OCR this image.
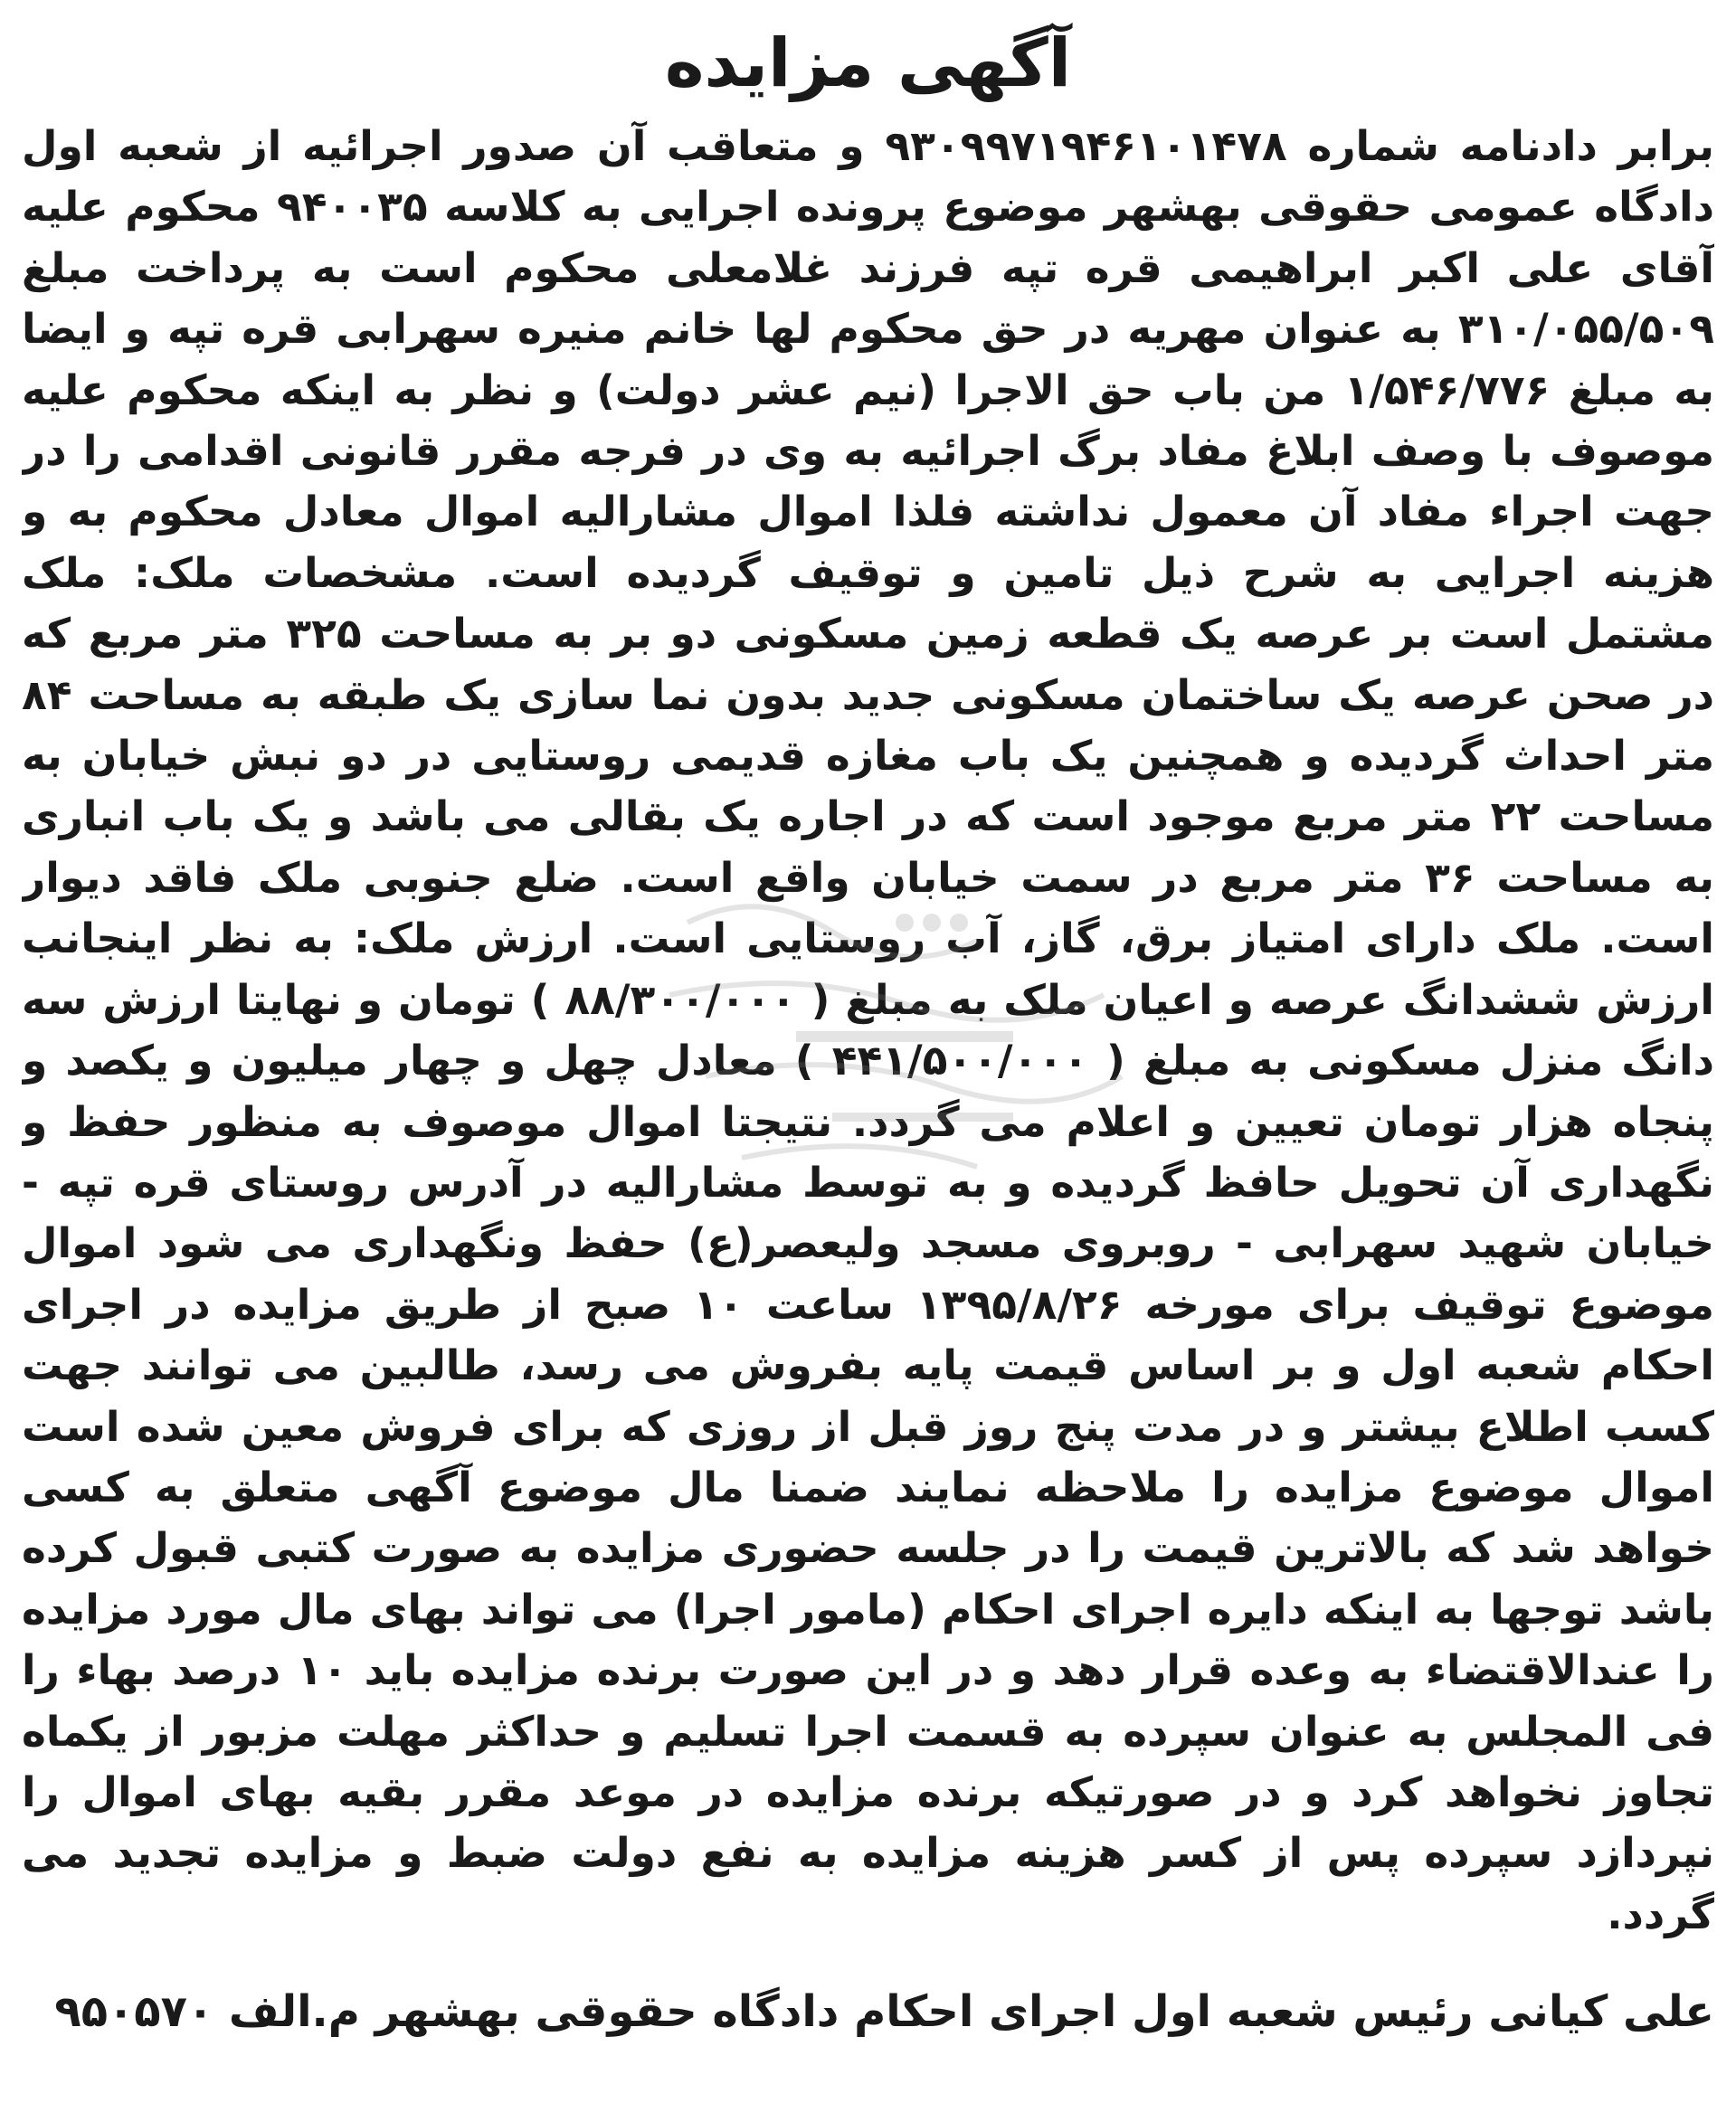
آگهی مزایده

برابر دادنامه شماره ۹۳۰۹۹۷۱۹۴۶۱۰۱۴۷۸ و متعاقب آن صدور اجرائیه از شعبه اول دادگاه عمومی حقوقی بهشهر موضوع پرونده اجرایی به کلاسه ۹۴۰۰۳۵ محکوم علیه آقای علی اکبر ابراهیمی قره تپه فرزند غلامعلی محکوم است به پرداخت مبلغ ۳۱۰/۰۵۵/۵۰۹ به عنوان مهریه در حق محکوم لها خانم منیره سهرابی قره تپه و ایضا به مبلغ ۱/۵۴۶/۷۷۶ من باب حق الاجرا (نیم عشر دولت) و نظر به اینکه محکوم علیه موصوف با وصف ابلاغ مفاد برگ اجرائیه به وی در فرجه مقرر قانونی اقدامی را در جهت اجراء مفاد آن معمول نداشته فلذا اموال مشارالیه اموال معادل محکوم به و هزینه اجرایی به شرح ذیل تامین و توقیف گردیده است. مشخصات ملک: ملک مشتمل است بر عرصه یک قطعه زمین مسکونی دو بر به مساحت ۳۲۵ متر مربع که در صحن عرصه یک ساختمان مسکونی جدید بدون نما سازی یک طبقه به مساحت ۸۴ متر احداث گردیده و همچنین یک باب مغازه قدیمی روستایی در دو نبش خیابان به مساحت ۲۲ متر مربع موجود است که در اجاره یک بقالی می باشد و یک باب انباری به مساحت ۳۶ متر مربع در سمت خیابان واقع است. ضلع جنوبی ملک فاقد دیوار است. ملک دارای امتیاز برق، گاز، آب روستایی است. ارزش ملک: به نظر اینجانب ارزش ششدانگ عرصه و اعیان ملک به مبلغ ( ۸۸/۳۰۰/۰۰۰ ) تومان و نهایتا ارزش سه دانگ منزل مسکونی به مبلغ ( ۴۴۱/۵۰۰/۰۰۰ ) معادل چهل و چهار میلیون و یکصد و پنجاه هزار تومان تعیین و اعلام می گردد. نتیجتا اموال موصوف به منظور حفظ و نگهداری آن تحویل حافظ گردیده و به توسط مشارالیه در آدرس روستای قره تپه - خیابان شهید سهرابی - روبروی مسجد ولیعصر(ع) حفظ ونگهداری می شود اموال موضوع توقیف برای مورخه ۱۳۹۵/۸/۲۶ ساعت ۱۰ صبح از طریق مزایده در اجرای احکام شعبه اول و بر اساس قیمت پایه بفروش می رسد، طالبین می توانند جهت کسب اطلاع بیشتر و در مدت پنج روز قبل از روزی که برای فروش معین شده است اموال موضوع مزایده را ملاحظه نمایند ضمنا مال موضوع آگهی متعلق به کسی خواهد شد که بالاترین قیمت را در جلسه حضوری مزایده به صورت کتبی قبول کرده باشد توجها به اینکه دایره اجرای احکام (مامور اجرا) می تواند بهای مال مورد مزایده را عندالاقتضاء به وعده قرار دهد و در این صورت برنده مزایده باید ۱۰ درصد بهاء را فی المجلس به عنوان سپرده به قسمت اجرا تسلیم و حداکثر مهلت مزبور از یکماه تجاوز نخواهد کرد و در صورتیکه برنده مزایده در موعد مقرر بقیه بهای اموال را نپردازد سپرده پس از کسر هزینه مزایده به نفع دولت ضبط و مزایده تجدید می گردد.

علی کیانی رئیس شعبه اول اجرای احکام دادگاه حقوقی بهشهر م.الف ۹۵۰۵۷۰
